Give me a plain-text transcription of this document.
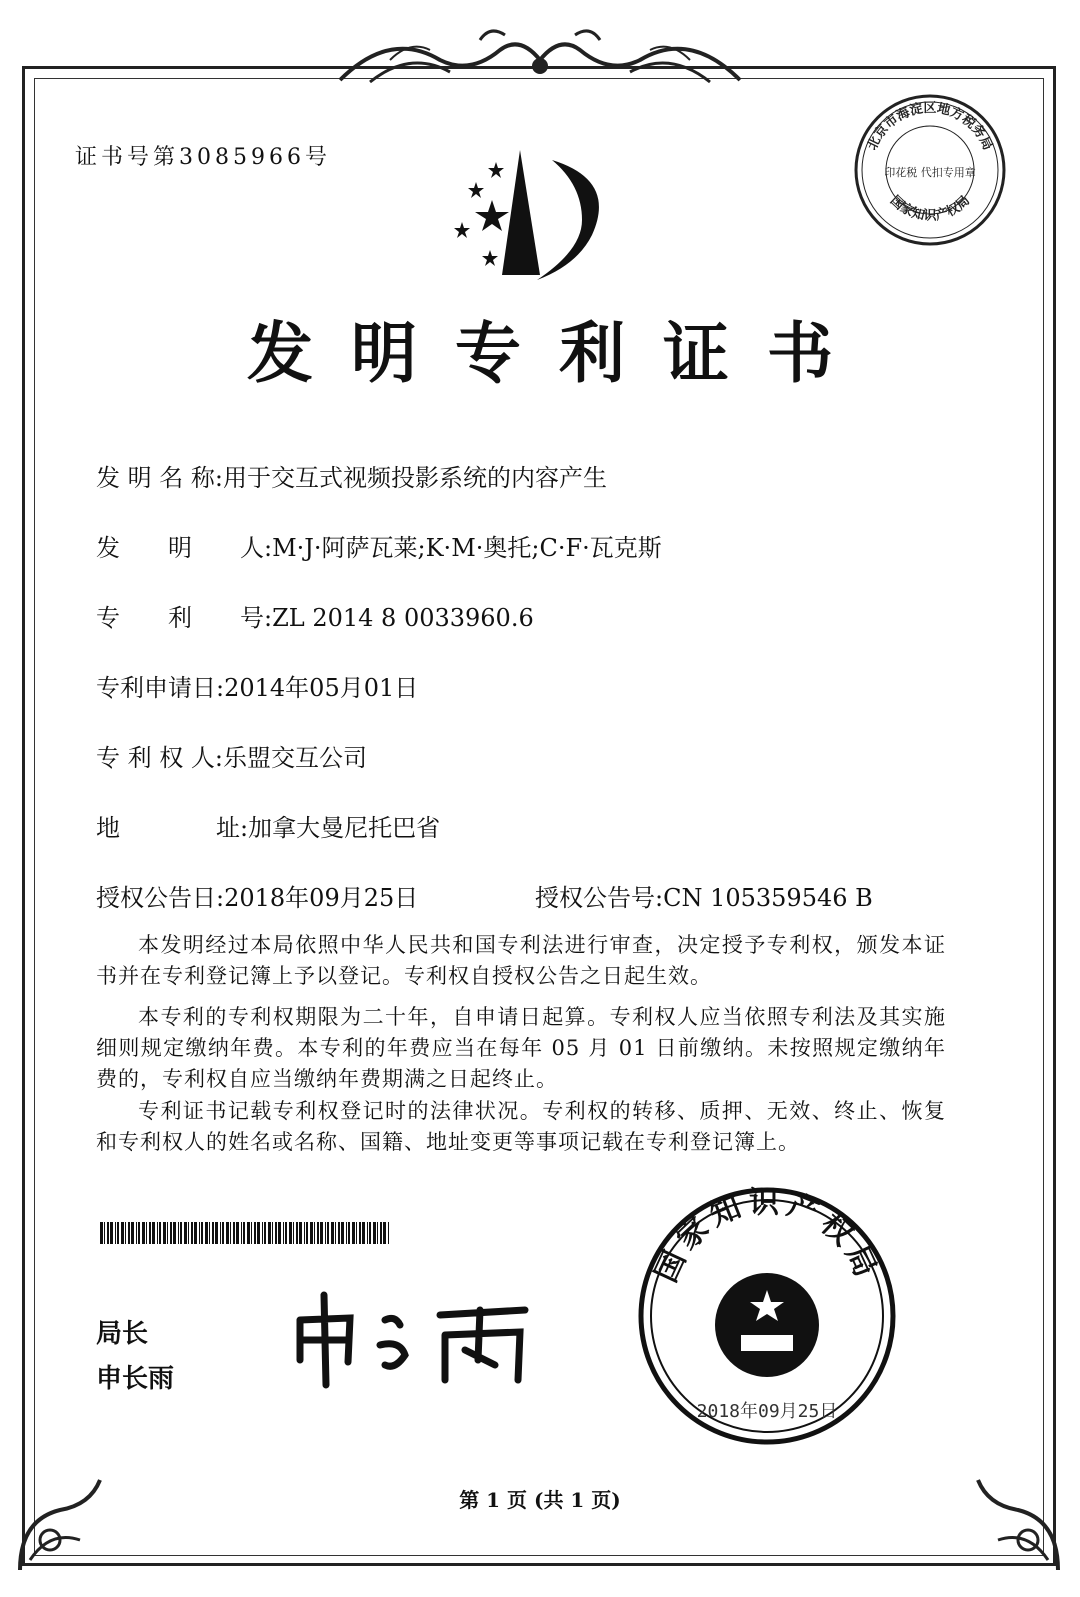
证书号第3085966号
北京市海淀区地方税务局
国家知识产权局
印花税 代扣专用章
发明专利证书
发 明 名 称:用于交互式视频投影系统的内容产生
发　　明　　人:M·J·阿萨瓦莱;K·M·奥托;C·F·瓦克斯
专　　利　　号:ZL 2014 8 0033960.6
专利申请日:2014年05月01日
专 利 权 人:乐盟交互公司
地　　　　址:加拿大曼尼托巴省
授权公告日:2018年09月25日	授权公告号:CN 105359546 B
本发明经过本局依照中华人民共和国专利法进行审查，决定授予专利权，颁发本证书并在专利登记簿上予以登记。专利权自授权公告之日起生效。
本专利的专利权期限为二十年，自申请日起算。专利权人应当依照专利法及其实施细则规定缴纳年费。本专利的年费应当在每年 05 月 01 日前缴纳。未按照规定缴纳年费的，专利权自应当缴纳年费期满之日起终止。
专利证书记载专利权登记时的法律状况。专利权的转移、质押、无效、终止、恢复和专利权人的姓名或名称、国籍、地址变更等事项记载在专利登记簿上。
局长
申长雨
国家知识产权局
2018年09月25日
第 1 页 (共 1 页)
